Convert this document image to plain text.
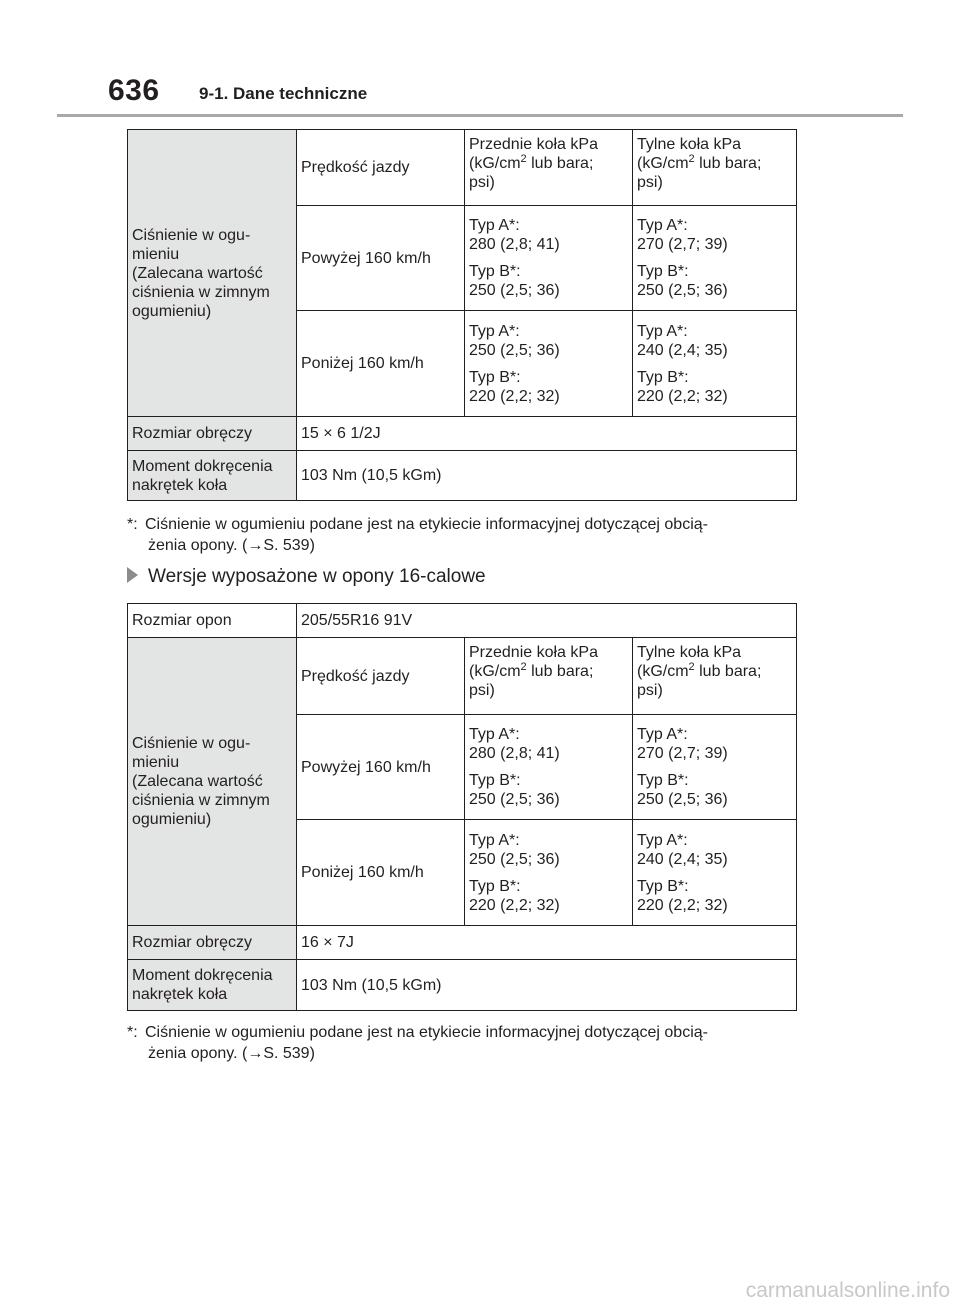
636 9-1. Dane techniczne
Ciśnienie w ogu-
mieniu
(Zalecana wartość
ciśnienia w zimnym
ogumieniu)	Prędkość jazdy	Przednie koła kPa
($kG/cm^2$ lub bara;
psi)	Tylne koła kPa
($kG/cm^2$ lub bara;
psi)

	Powyżej 160 km/h	Typ A*:
280 (2,8; 41)
Typ B*:
250 (2,5; 36)	Typ A*:
270 (2,7; 39)
Typ B*:
250 (2,5; 36)

	Poniżej 160 km/h	Typ A*:
250 (2,5; 36)
Typ B*:
220 (2,2; 32)	Typ A*:
240 (2,4; 35)
Typ B*:
220 (2,2; 32)

Rozmiar obręczy	15 × 6 1/2J		

Moment dokręcenia
nakrętek koła	103 Nm (10,5 kGm)		
*: Ciśnienie w ogumieniu podane jest na etykiecie informacyjnej dotyczącej obcią-
żenia opony. (→S. 539)
Wersje wyposażone w opony 16-calowe
Rozmiar opon	205/55R16 91V		

Ciśnienie w ogu-
mieniu
(Zalecana wartość
ciśnienia w zimnym
ogumieniu)	Prędkość jazdy	Przednie koła kPa
($kG/cm^2$ lub bara;
psi)	Tylne koła kPa
($kG/cm^2$ lub bara;
psi)

	Powyżej 160 km/h	Typ A*:
280 (2,8; 41)
Typ B*:
250 (2,5; 36)	Typ A*:
270 (2,7; 39)
Typ B*:
250 (2,5; 36)

	Poniżej 160 km/h	Typ A*:
250 (2,5; 36)
Typ B*:
220 (2,2; 32)	Typ A*:
240 (2,4; 35)
Typ B*:
220 (2,2; 32)

Rozmiar obręczy	16 × 7J		

Moment dokręcenia
nakrętek koła	103 Nm (10,5 kGm)		
*: Ciśnienie w ogumieniu podane jest na etykiecie informacyjnej dotyczącej obcią-
żenia opony. (→S. 539)
carmanualsonline.info
